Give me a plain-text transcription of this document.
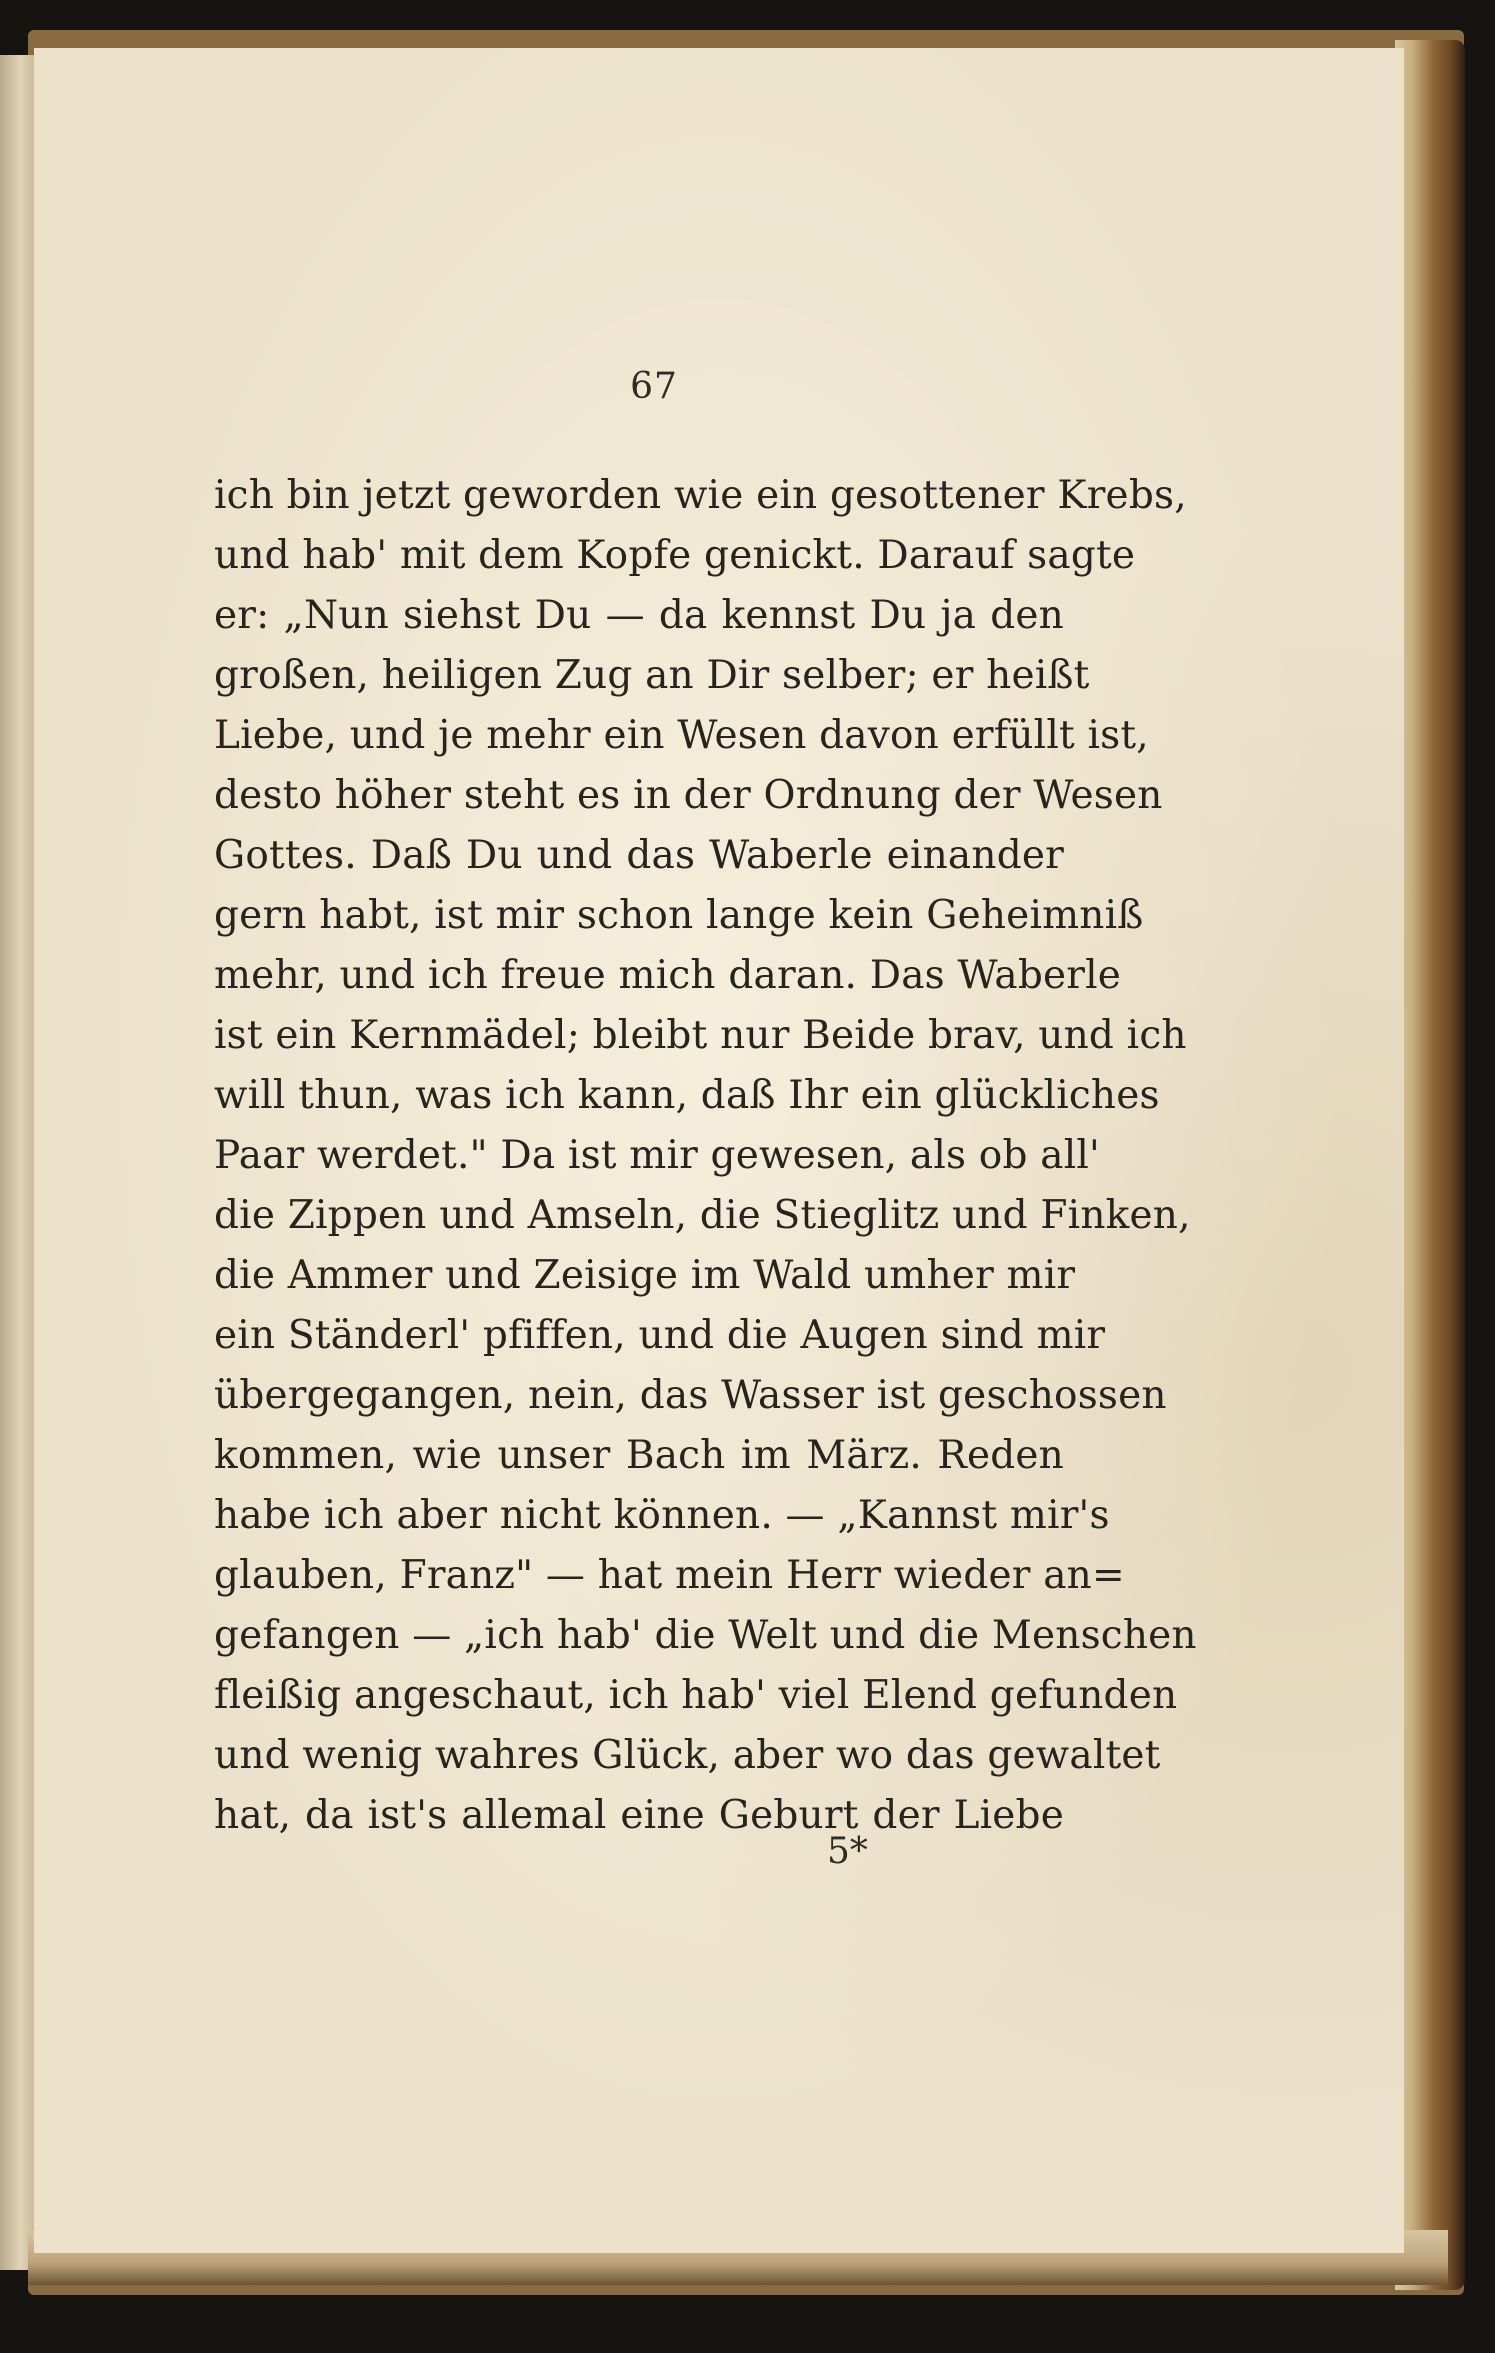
67
ich bin jetzt geworden wie ein gesottener Krebs,
und hab' mit dem Kopfe genickt. Darauf sagte
er: „Nun siehst Du — da kennst Du ja den
großen, heiligen Zug an Dir selber; er heißt
Liebe, und je mehr ein Wesen davon erfüllt ist,
desto höher steht es in der Ordnung der Wesen
Gottes. Daß Du und das Waberle einander
gern habt, ist mir schon lange kein Geheimniß
mehr, und ich freue mich daran. Das Waberle
ist ein Kernmädel; bleibt nur Beide brav, und ich
will thun, was ich kann, daß Ihr ein glückliches
Paar werdet." Da ist mir gewesen, als ob all'
die Zippen und Amseln, die Stieglitz und Finken,
die Ammer und Zeisige im Wald umher mir
ein Ständerl' pfiffen, und die Augen sind mir
übergegangen, nein, das Wasser ist geschossen
kommen, wie unser Bach im März. Reden
habe ich aber nicht können. — „Kannst mir's
glauben, Franz" — hat mein Herr wieder an=
gefangen — „ich hab' die Welt und die Menschen
fleißig angeschaut, ich hab' viel Elend gefunden
und wenig wahres Glück, aber wo das gewaltet
hat, da ist's allemal eine Geburt der Liebe
5*
